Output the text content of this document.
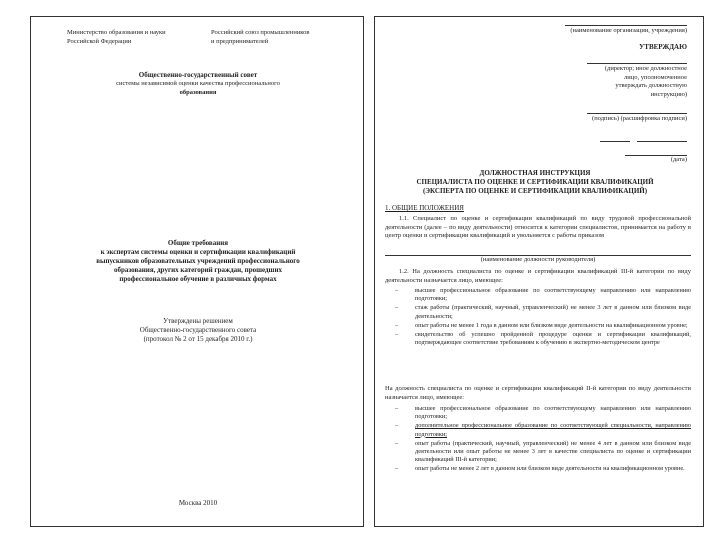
Министерство образования и науки
Российской Федерации
Российский союз промышленников
и предпринимателей
Общественно-государственный совет
системы независимой оценки качества профессионального
образования
Общие требования
к экспертам системы оценки и сертификации квалификаций
выпускников образовательных учреждений профессионального
образования, других категорий граждан, прошедших
профессиональное обучение в различных формах
Утверждены решением
Общественно-государственного совета
(протокол № 2 от 15 декабря 2010 г.)
Москва 2010
(наименование организации, учреждения)
УТВЕРЖДАЮ
(директор; иное должностное
лицо, уполномоченное
утверждать должностную
инструкцию)
(подпись) (расшифровка подписи)
(дата)
ДОЛЖНОСТНАЯ ИНСТРУКЦИЯ
СПЕЦИАЛИСТА ПО ОЦЕНКЕ И СЕРТИФИКАЦИИ КВАЛИФИКАЦИЙ
(ЭКСПЕРТА ПО ОЦЕНКЕ И СЕРТИФИКАЦИИ КВАЛИФИКАЦИЙ)
1. ОБЩИЕ ПОЛОЖЕНИЯ
1.1. Специалист по оценке и сертификации квалификаций по виду трудовой профессиональной деятельности (далее – по виду деятельности) относится к категории специалистов, принимается на работу в центр оценки и сертификации квалификаций и увольняется с работы приказом
(наименование должности руководителя)
1.2. На должность специалиста по оценке и сертификации квалификаций III-й категории по виду деятельности назначается лицо, имеющее:
–	высшее профессиональное образование по соответствующему направлению или направлению подготовки;
–	стаж работы (практический, научный, управленческий) не менее 3 лет в данном или близком виде деятельности;
–	опыт работы не менее 1 года в данном или близком виде деятельности на квалификационном уровне;
–	свидетельство об успешно пройденной процедуре оценки и сертификации квалификаций, подтверждающее соответствие требованиям к обучению в экспертно-методическом центре
На должность специалиста по оценке и сертификации квалификаций II-й категории по виду деятельности назначается лицо, имеющее:
–	высшее профессиональное образование по соответствующему направлению или направлению подготовки;
–	дополнительное профессиональное образование по соответствующей специальности, направлению подготовки;
–	опыт работы (практический, научный, управленческий) не менее 4 лет в данном или близком виде деятельности или опыт работы не менее 3 лет в качестве специалиста по оценке и сертификации квалификаций III-й категории;
–	опыт работы не менее 2 лет в данном или близком виде деятельности на квалификационном уровне.
